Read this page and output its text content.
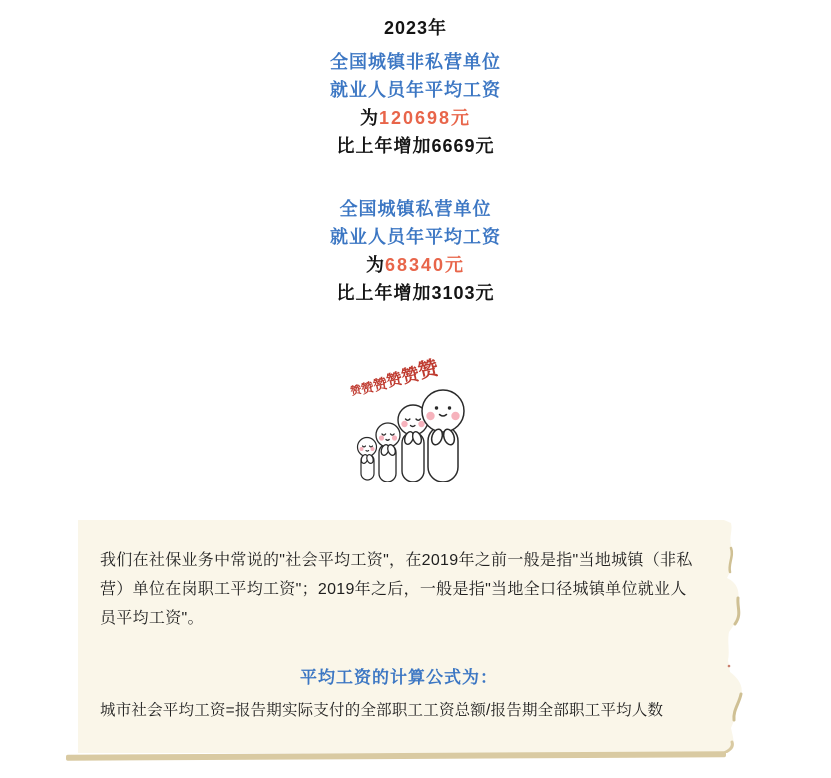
2023年

全国城镇非私营单位

就业人员年平均工资

为120698元

比上年增加6669元

全国城镇私营单位

就业人员年平均工资

为68340元

比上年增加3103元

赞
赞
赞
赞
赞
赞

我们在社保业务中常说的"社会平均工资"，在2019年之前一般是指"当地城镇（非私营）单位在岗职工平均工资"；2019年之后，一般是指"当地全口径城镇单位就业人员平均工资"。

平均工资的计算公式为：

城市社会平均工资=报告期实际支付的全部职工工资总额/报告期全部职工平均人数
